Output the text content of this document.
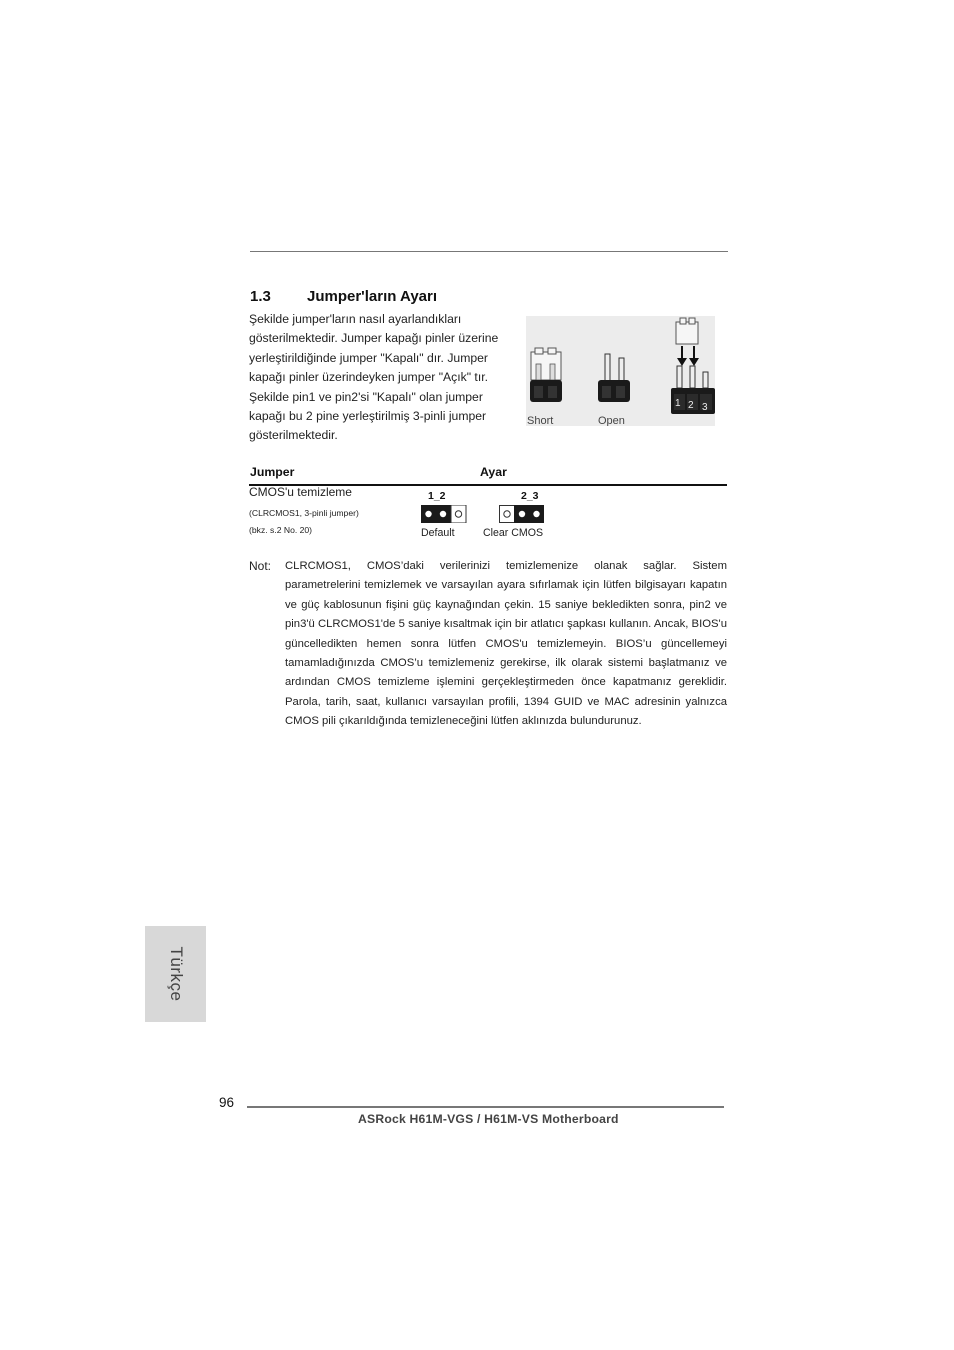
1.3 Jumper'ların Ayarı
Şekilde jumper'ların nasıl ayarlandıkları
gösterilmektedir. Jumper kapağı pinler üzerine
yerleştirildiğinde jumper "Kapalı" dır. Jumper
kapağı pinler üzerindeyken jumper "Açık" tır.
Şekilde pin1 ve pin2'si "Kapalı" olan jumper
kapağı bu 2 pine yerleştirilmiş 3-pinli jumper
gösterilmektedir.
Short	Open
1 2 3
Jumper	Ayar
CMOS'u temizleme
(CLRCMOS1, 3-pinli jumper)
(bkz. s.2 No. 20)
1_2
Default
2_3
Clear CMOS
Not: CLRCMOS1, CMOS’daki verilerinizi temizlemenize olanak sağlar. Sistem parametrelerini temizlemek ve varsayılan ayara sıfırlamak için lütfen bilgisayarı kapatın ve güç kablosunun fişini güç kaynağından çekin. 15 saniye bekledikten sonra, pin2 ve pin3'ü CLRCMOS1'de 5 saniye kısaltmak için bir atlatıcı şapkası kullanın. Ancak, BIOS'u güncelledikten hemen sonra lütfen CMOS'u temizlemeyin. BIOS’u güncellemeyi tamamladığınızda CMOS’u temizlemeniz gerekirse, ilk olarak sistemi başlatmanız ve ardından CMOS temizleme işlemini gerçekleştirmeden önce kapatmanız gereklidir. Parola, tarih, saat, kullanıcı varsayılan profili, 1394 GUID ve MAC adresinin yalnızca CMOS pili çıkarıldığında temizleneceğini lütfen aklınızda bulundurunuz.
Türkçe
96
ASRock H61M-VGS / H61M-VS Motherboard
